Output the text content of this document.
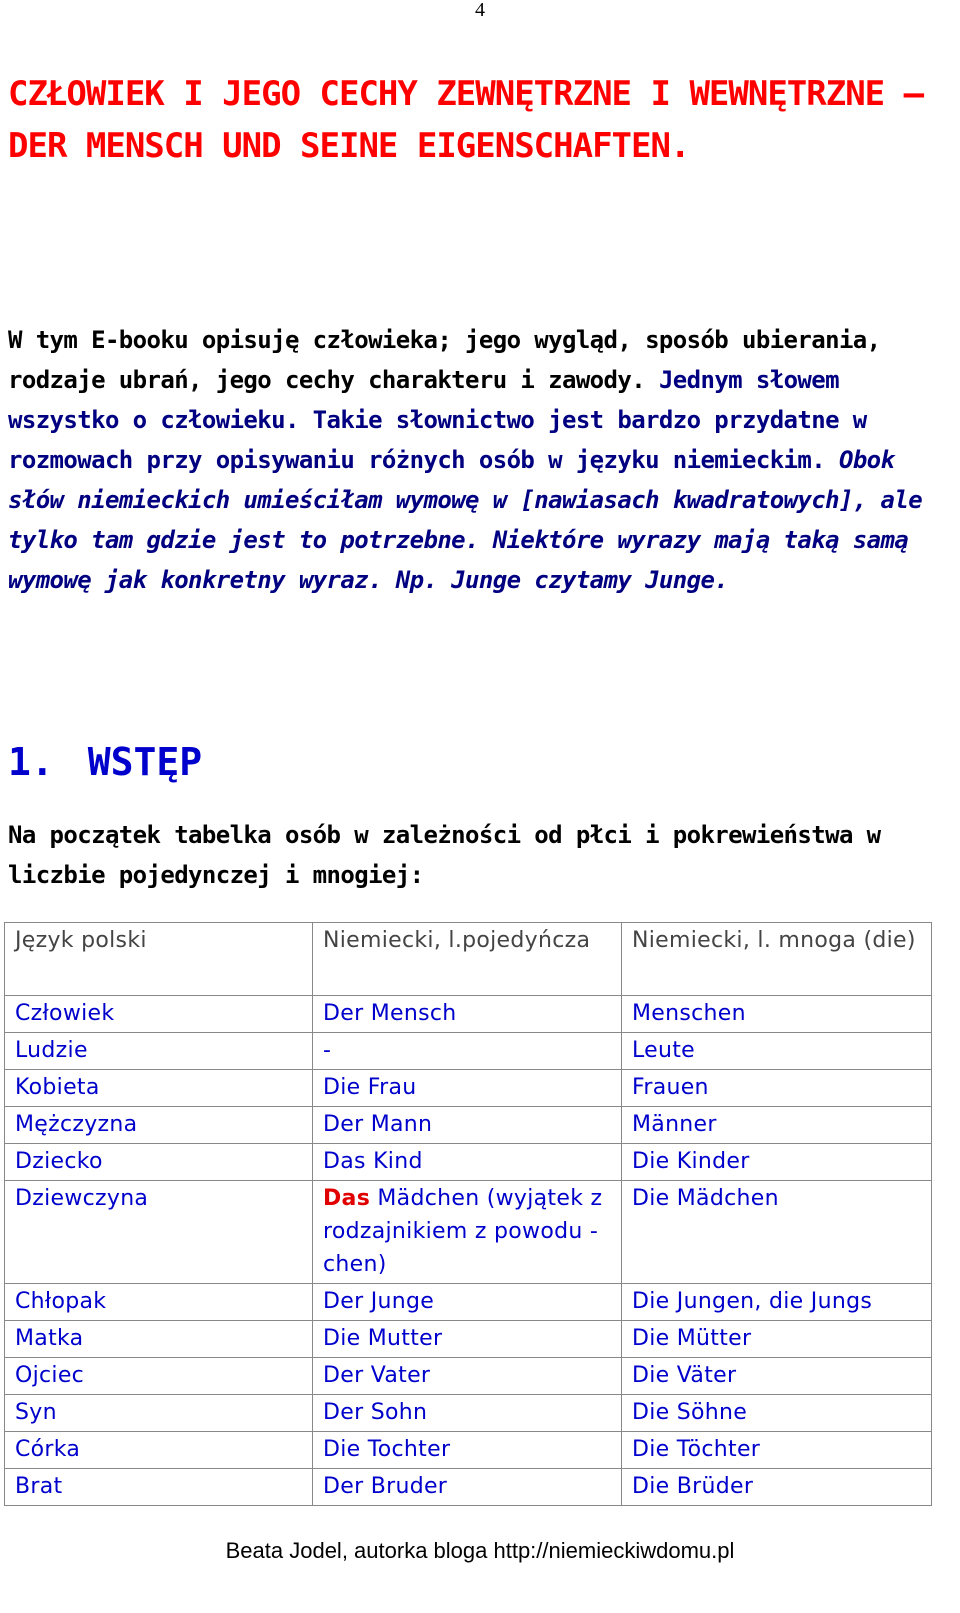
4
CZŁOWIEK I JEGO CECHY ZEWNĘTRZNE I WEWNĘTRZNE – DER MENSCH UND SEINE EIGENSCHAFTEN.

W tym E-booku opisuję człowieka; jego wygląd, sposób ubierania, rodzaje ubrań, jego cechy charakteru i zawody. Jednym słowem wszystko o człowieku. Takie słownictwo jest bardzo przydatne w rozmowach przy opisywaniu różnych osób w języku niemieckim. Obok słów niemieckich umieściłam wymowę w [nawiasach kwadratowych], ale tylko tam gdzie jest to potrzebne. Niektóre wyrazy mają taką samą wymowę jak konkretny wyraz. Np. Junge czytamy Junge.

1. WSTĘP

Na początek tabelka osób w zależności od płci i pokrewieństwa w liczbie pojedynczej i mnogiej:

Język polski	Niemiecki, l.pojedyńcza	Niemiecki, l. mnoga (die)
Człowiek	Der Mensch	Menschen
Ludzie	-	Leute
Kobieta	Die Frau	Frauen
Mężczyzna	Der Mann	Männer
Dziecko	Das Kind	Die Kinder
Dziewczyna	Das Mädchen (wyjątek z rodzajnikiem z powodu -chen)	Die Mädchen
Chłopak	Der Junge	Die Jungen, die Jungs
Matka	Die Mutter	Die Mütter
Ojciec	Der Vater	Die Väter
Syn	Der Sohn	Die Söhne
Córka	Die Tochter	Die Töchter
Brat	Der Bruder	Die Brüder
Beata Jodel, autorka bloga http://niemieckiwdomu.pl
